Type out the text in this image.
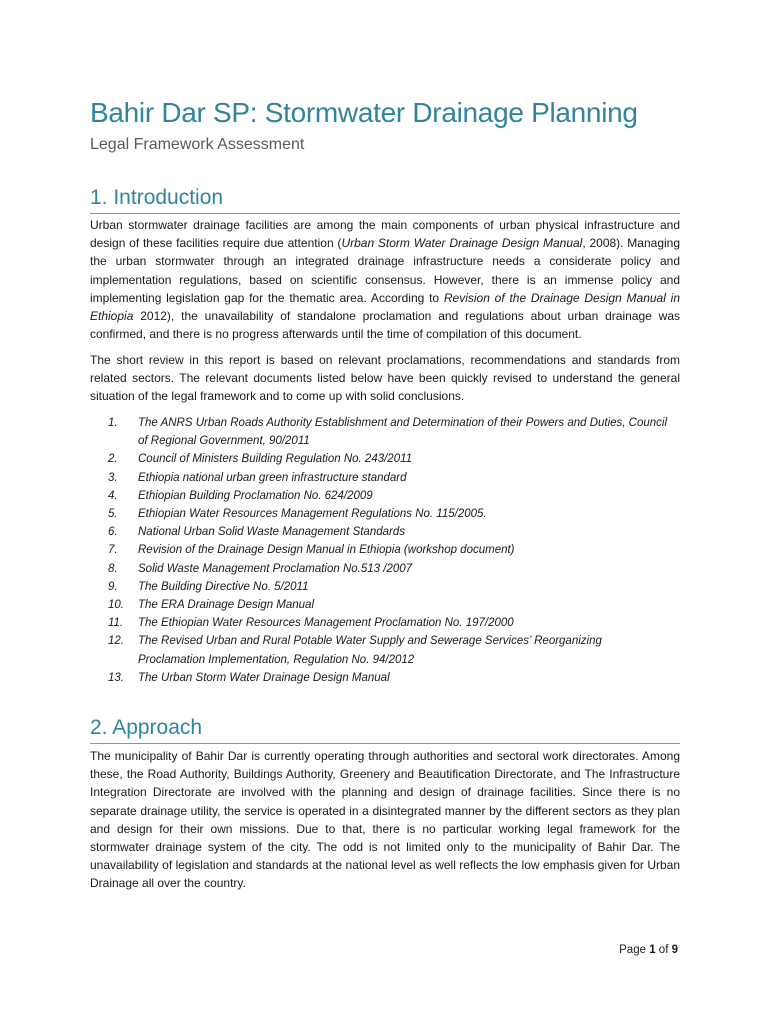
Bahir Dar SP: Stormwater Drainage Planning
Legal Framework Assessment
1. Introduction

Urban stormwater drainage facilities are among the main components of urban physical infrastructure and design of these facilities require due attention (Urban Storm Water Drainage Design Manual, 2008). Managing the urban stormwater through an integrated drainage infrastructure needs a considerate policy and implementation regulations, based on scientific consensus. However, there is an immense policy and implementing legislation gap for the thematic area. According to Revision of the Drainage Design Manual in Ethiopia 2012), the unavailability of standalone proclamation and regulations about urban drainage was confirmed, and there is no progress afterwards until the time of compilation of this document.

The short review in this report is based on relevant proclamations, recommendations and standards from related sectors. The relevant documents listed below have been quickly revised to understand the general situation of the legal framework and to come up with solid conclusions.

1.	The ANRS Urban Roads Authority Establishment and Determination of their Powers and Duties, Council of Regional Government, 90/2011
2.	Council of Ministers Building Regulation No. 243/2011
3.	Ethiopia national urban green infrastructure standard
4.	Ethiopian Building Proclamation No. 624/2009
5.	Ethiopian Water Resources Management Regulations No. 115/2005.
6.	National Urban Solid Waste Management Standards
7.	Revision of the Drainage Design Manual in Ethiopia (workshop document)
8.	Solid Waste Management Proclamation No.513 /2007
9.	The Building Directive No. 5/2011
10.	The ERA Drainage Design Manual
11.	The Ethiopian Water Resources Management Proclamation No. 197/2000
12.	The Revised Urban and Rural Potable Water Supply and Sewerage Services’ Reorganizing Proclamation Implementation, Regulation No. 94/2012
13.	The Urban Storm Water Drainage Design Manual
2. Approach

The municipality of Bahir Dar is currently operating through authorities and sectoral work directorates. Among these, the Road Authority, Buildings Authority, Greenery and Beautification Directorate, and The Infrastructure Integration Directorate are involved with the planning and design of drainage facilities. Since there is no separate drainage utility, the service is operated in a disintegrated manner by the different sectors as they plan and design for their own missions. Due to that, there is no particular working legal framework for the stormwater drainage system of the city. The odd is not limited only to the municipality of Bahir Dar. The unavailability of legislation and standards at the national level as well reflects the low emphasis given for Urban Drainage all over the country.

Page 1 of 9
